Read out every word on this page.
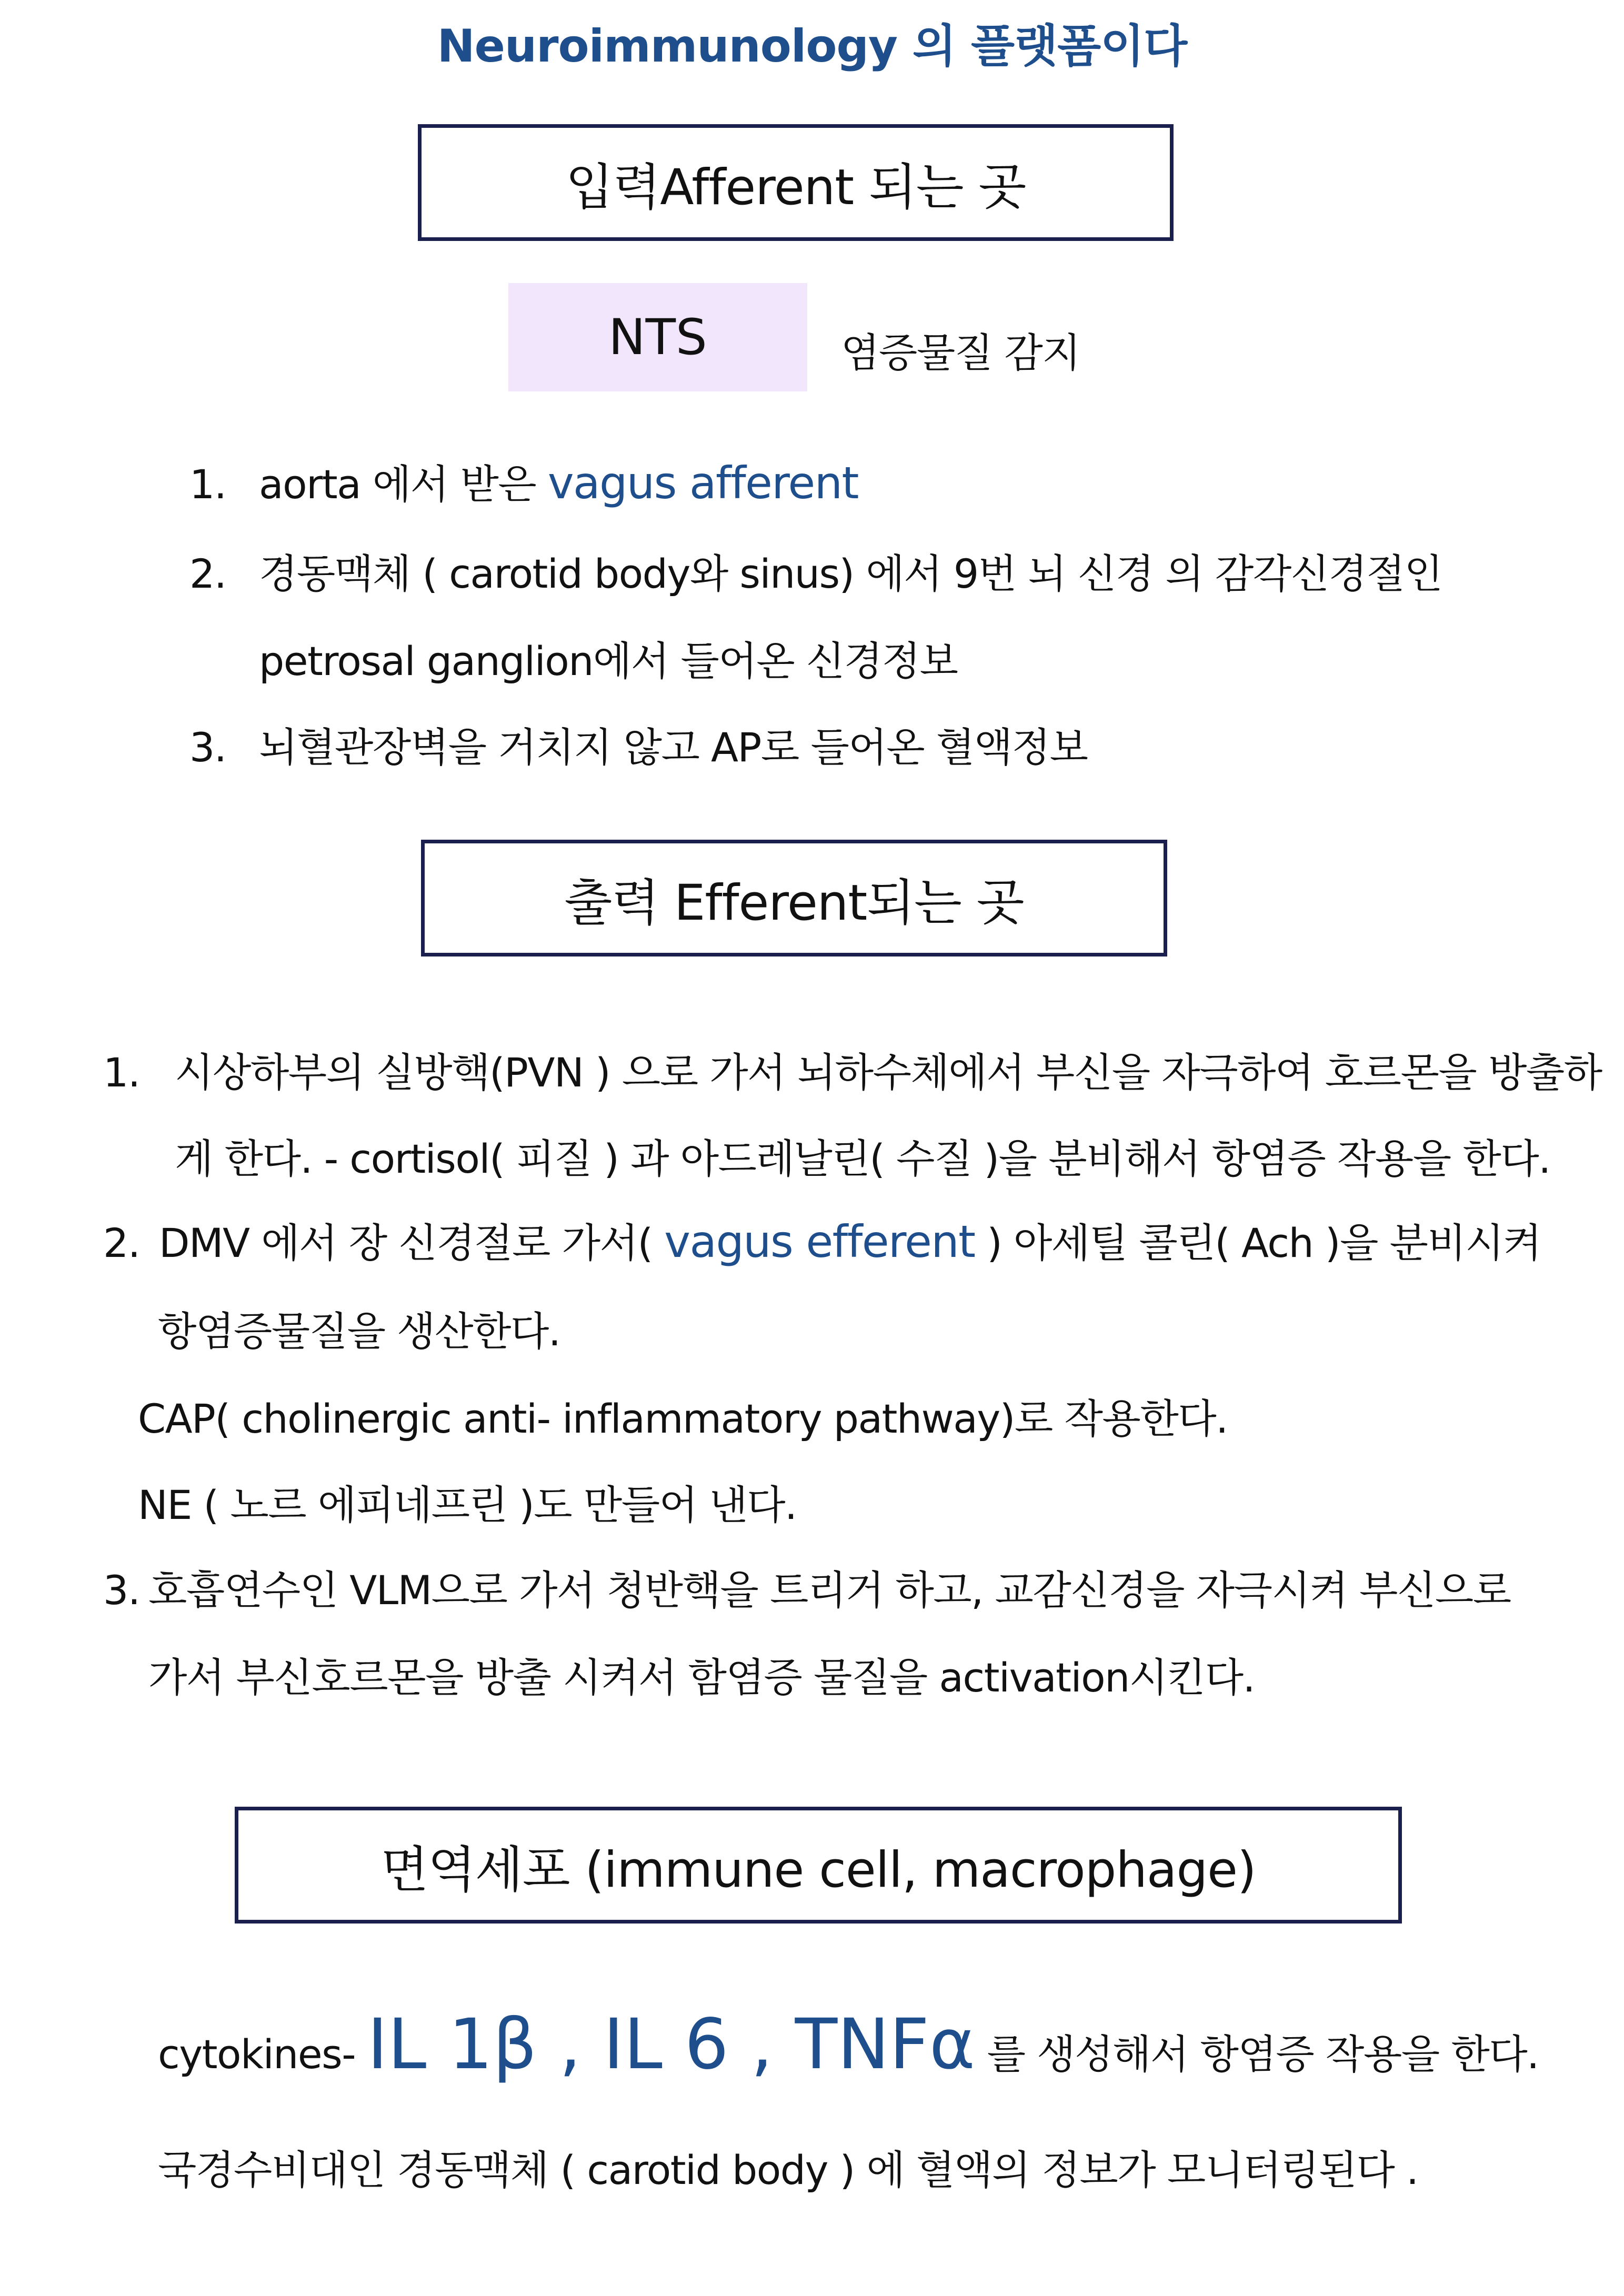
Neuroimmunology 의 플랫폼이다
입력Afferent 되는 곳
NTS	염증물질 감지
1. aorta 에서 받은 vagus afferent
2. 경동맥체 ( carotid body와 sinus) 에서 9번 뇌 신경 의 감각신경절인
petrosal ganglion에서 들어온 신경정보
3. 뇌혈관장벽을 거치지 않고 AP로 들어온 혈액정보
출력 Efferent되는 곳
1. 시상하부의 실방핵(PVN ) 으로 가서 뇌하수체에서 부신을 자극하여 호르몬을 방출하
게 한다. - cortisol( 피질 ) 과 아드레날린( 수질 )을 분비해서 항염증 작용을 한다.
2. DMV 에서 장 신경절로 가서( vagus efferent ) 아세틸 콜린( Ach )을 분비시켜
항염증물질을 생산한다.
CAP( cholinergic anti- inflammatory pathway)로 작용한다.
NE ( 노르 에피네프린 )도 만들어 낸다.
3. 호흡연수인 VLM으로 가서 청반핵을 트리거 하고, 교감신경을 자극시켜 부신으로
가서 부신호르몬을 방출 시켜서 함염증 물질을 activation시킨다.
면역세포 (immune cell, macrophage)
cytokines- IL 1β , IL 6 , TNFα 를 생성해서 항염증 작용을 한다.
국경수비대인 경동맥체 ( carotid body ) 에 혈액의 정보가 모니터링된다 .
